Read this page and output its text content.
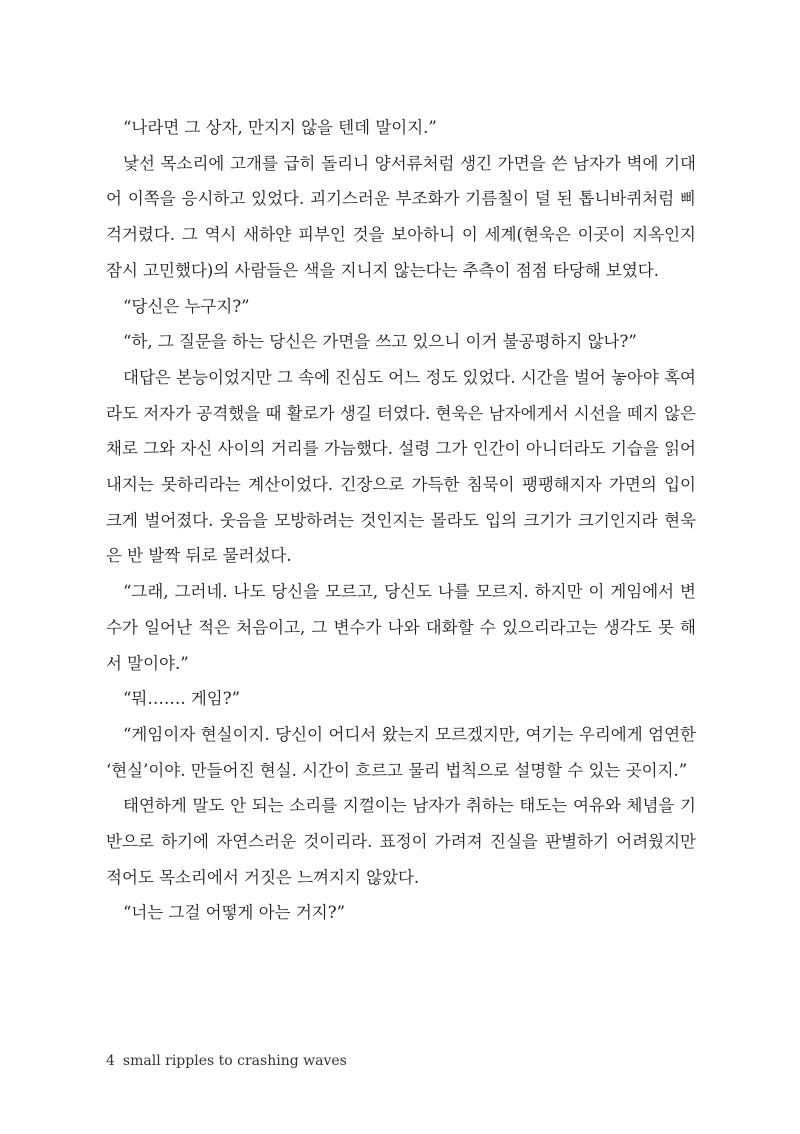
“나라면 그 상자, 만지지 않을 텐데 말이지.”

낯선 목소리에 고개를 급히 돌리니 양서류처럼 생긴 가면을 쓴 남자가 벽에 기대어 이쪽을 응시하고 있었다. 괴기스러운 부조화가 기름칠이 덜 된 톱니바퀴처럼 삐걱거렸다. 그 역시 새하얀 피부인 것을 보아하니 이 세계(현욱은 이곳이 지옥인지 잠시 고민했다)의 사람들은 색을 지니지 않는다는 추측이 점점 타당해 보였다.

“당신은 누구지?”

“하, 그 질문을 하는 당신은 가면을 쓰고 있으니 이거 불공평하지 않나?”

대답은 본능이었지만 그 속에 진심도 어느 정도 있었다. 시간을 벌어 놓아야 혹여라도 저자가 공격했을 때 활로가 생길 터였다. 현욱은 남자에게서 시선을 떼지 않은 채로 그와 자신 사이의 거리를 가늠했다. 설령 그가 인간이 아니더라도 기습을 읽어내지는 못하리라는 계산이었다. 긴장으로 가득한 침묵이 팽팽해지자 가면의 입이 크게 벌어졌다. 웃음을 모방하려는 것인지는 몰라도 입의 크기가 크기인지라 현욱은 반 발짝 뒤로 물러섰다.

“그래, 그러네. 나도 당신을 모르고, 당신도 나를 모르지. 하지만 이 게임에서 변수가 일어난 적은 처음이고, 그 변수가 나와 대화할 수 있으리라고는 생각도 못 해서 말이야.”

“뭐……. 게임?”

“게임이자 현실이지. 당신이 어디서 왔는지 모르겠지만, 여기는 우리에게 엄연한 ‘현실’이야. 만들어진 현실. 시간이 흐르고 물리 법칙으로 설명할 수 있는 곳이지.”

태연하게 말도 안 되는 소리를 지껄이는 남자가 취하는 태도는 여유와 체념을 기반으로 하기에 자연스러운 것이리라. 표정이 가려져 진실을 판별하기 어려웠지만 적어도 목소리에서 거짓은 느껴지지 않았다.

“너는 그걸 어떻게 아는 거지?”

4 small ripples to crashing waves
